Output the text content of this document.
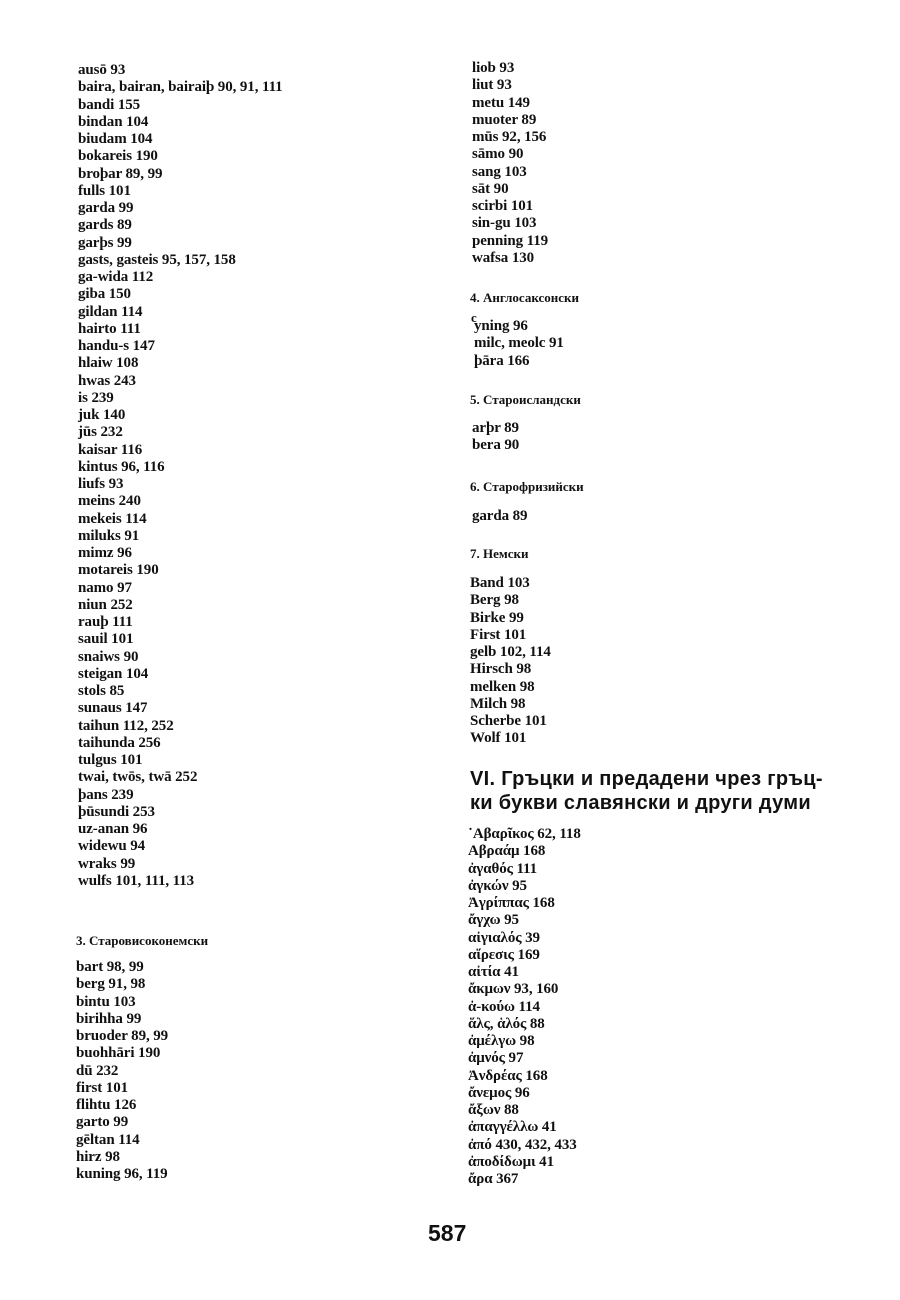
ausō 93
baira, bairan, bairaiþ 90, 91, 111
bandi 155
bindan 104
biudam 104
bokareis 190
broþar 89, 99
fulls 101
garda 99
gards 89
garþs 99
gasts, gasteis 95, 157, 158
ga-wida 112
giba 150
gildan 114
hairto 111
handu-s 147
hlaiw 108
hwas 243
is 239
juk 140
jūs 232
kaisar 116
kintus 96, 116
liufs 93
meins 240
mekeis 114
miluks 91
mimz 96
motareis 190
namo 97
niun 252
rauþ 111
sauil 101
snaiws 90
steigan 104
stols 85
sunaus 147
taihun 112, 252
taihunda 256
tulgus 101
twai, twōs, twā 252
þans 239
þūsundi 253
uz-anan 96
widewu 94
wraks 99
wulfs 101, 111, 113
3. Старовисоконемски
bart 98, 99
berg 91, 98
bintu 103
birihha 99
bruoder 89, 99
buohhāri 190
dū 232
first 101
flihtu 126
garto 99
gēltan 114
hirz 98
kuning 96, 119
liob 93
liut 93
metu 149
muoter 89
mūs 92, 156
sāmo 90
sang 103
sāt 90
scirbi 101
sin-gu 103
penning 119
wafsa 130
4. Англосаксонски
c
yning 96
milc, meolc 91
þāra 166
5. Староисландски
arþr 89
bera 90
6. Старофризийски
garda 89
7. Немски
Band 103
Berg 98
Birke 99
First 101
gelb 102, 114
Hirsch 98
melken 98
Milch 98
Scherbe 101
Wolf 101
VI. Гръцки и предадени чрез гръц-
ки букви славянски и други думи
˙Αβαρῖκος 62, 118
Αβραάμ 168
ἀγαθός 111
ἀγκών 95
Ἀγρίππας 168
ἄγχω 95
αἰγιαλός 39
αἵρεσις 169
αἰτία 41
ἄκμων 93, 160
ἀ-κούω 114
ἅλς, ἁλός 88
ἀμέλγω 98
ἀμνός 97
Ἀνδρέας 168
ἄνεμος 96
ἄξων 88
ἀπαγγέλλω 41
ἀπό 430, 432, 433
ἀποδίδωμι 41
ἄρα 367
587
